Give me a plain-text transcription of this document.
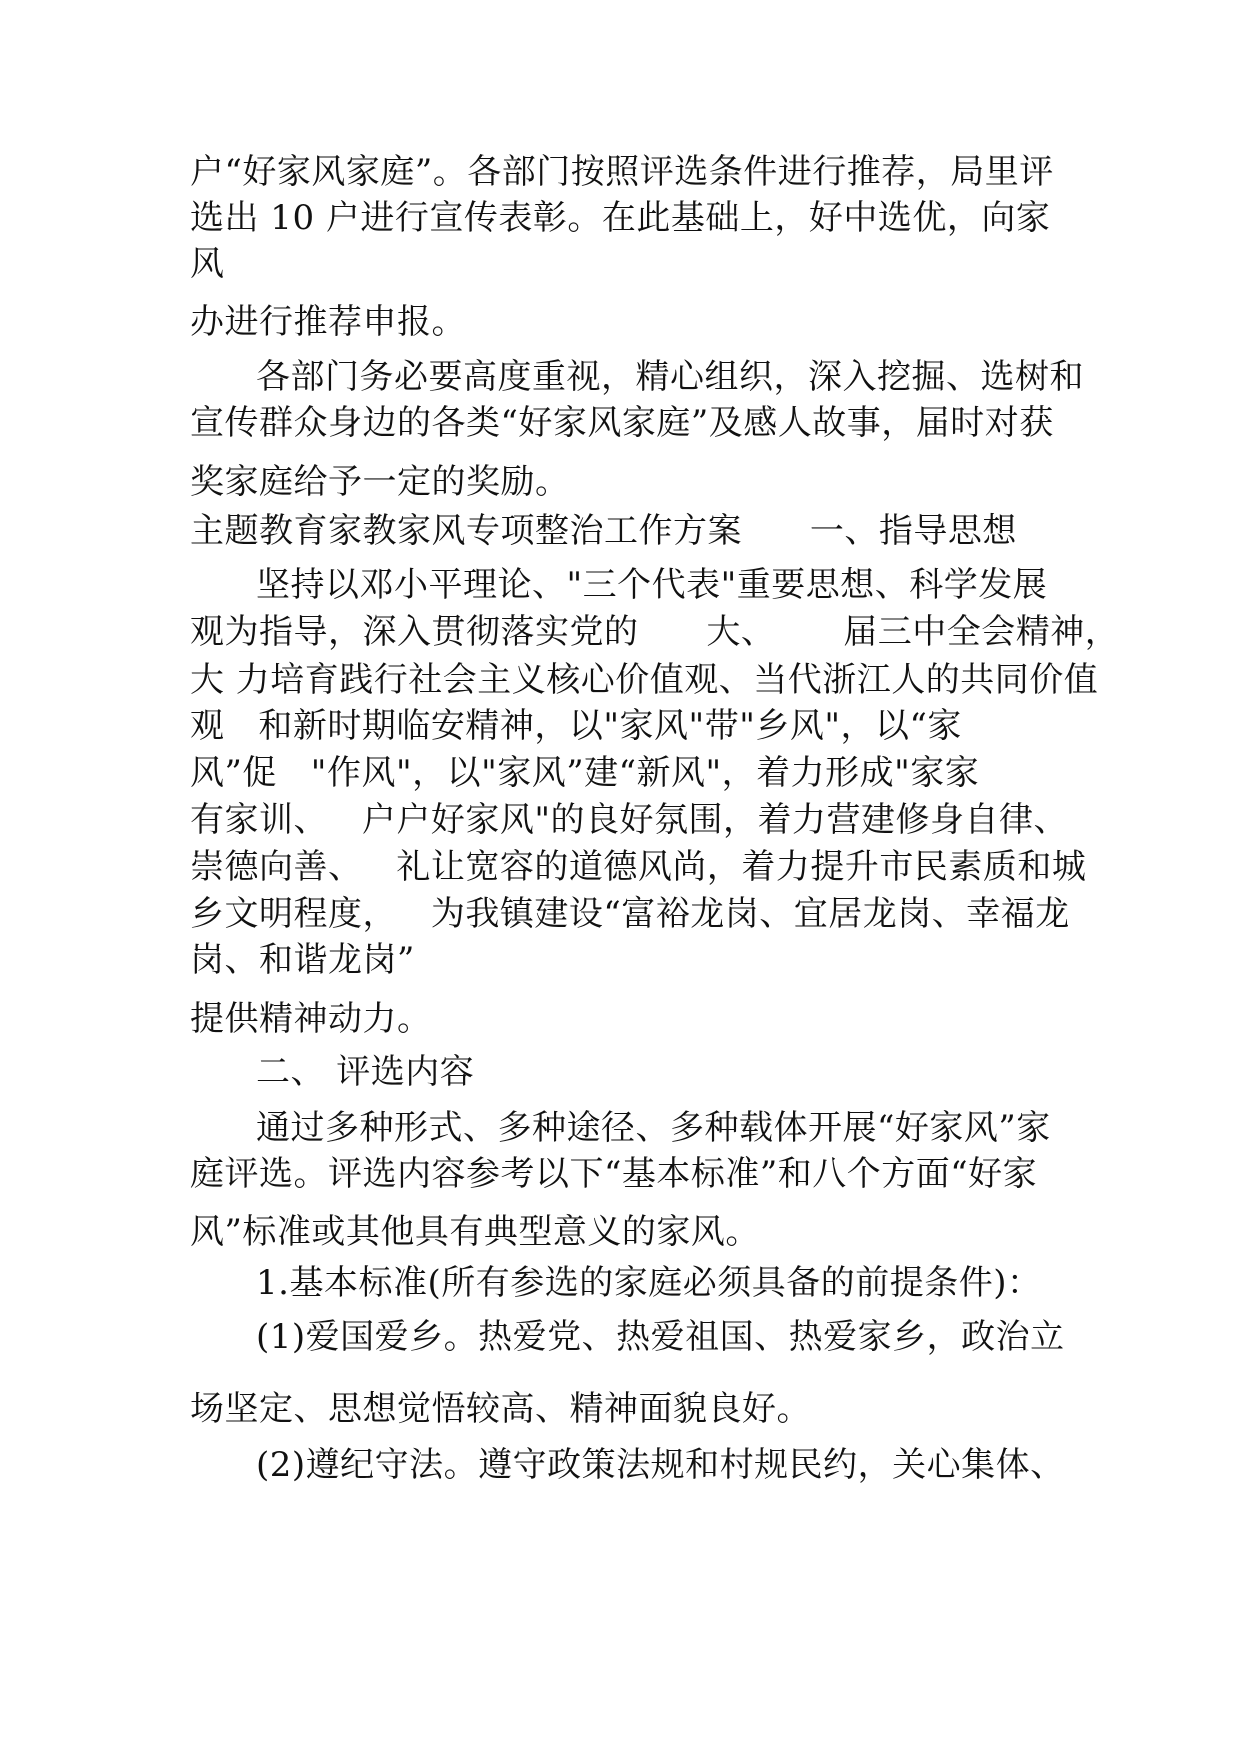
户“好家风家庭”。各部门按照评选条件进行推荐，局里评
选出 10 户进行宣传表彰。在此基础上，好中选优，向家
风
办进行推荐申报。
各部门务必要高度重视，精心组织，深入挖掘、选树和
宣传群众身边的各类“好家风家庭”及感人故事，届时对获
奖家庭给予一定的奖励。
主题教育家教家风专项整治工作方案      一、指导思想
坚持以邓小平理论、"三个代表"重要思想、科学发展
观为指导，深入贯彻落实党的      大、      届三中全会精神，
大 力培育践行社会主义核心价值观、当代浙江人的共同价值
观   和新时期临安精神，以"家风"带"乡风"，以“家
风”促   "作风"，以"家风”建“新风"，着力形成"家家
有家训、   户户好家风"的良好氛围，着力营建修身自律、
崇德向善、   礼让宽容的道德风尚，着力提升市民素质和城
乡文明程度，   为我镇建设“富裕龙岗、宜居龙岗、幸福龙
岗、和谐龙岗”
提供精神动力。
二、 评选内容
通过多种形式、多种途径、多种载体开展“好家风”家
庭评选。评选内容参考以下“基本标准”和八个方面“好家
风”标准或其他具有典型意义的家风。
1.基本标准(所有参选的家庭必须具备的前提条件)：
(1)爱国爱乡。热爱党、热爱祖国、热爱家乡，政治立
场坚定、思想觉悟较高、精神面貌良好。
(2)遵纪守法。遵守政策法规和村规民约，关心集体、
